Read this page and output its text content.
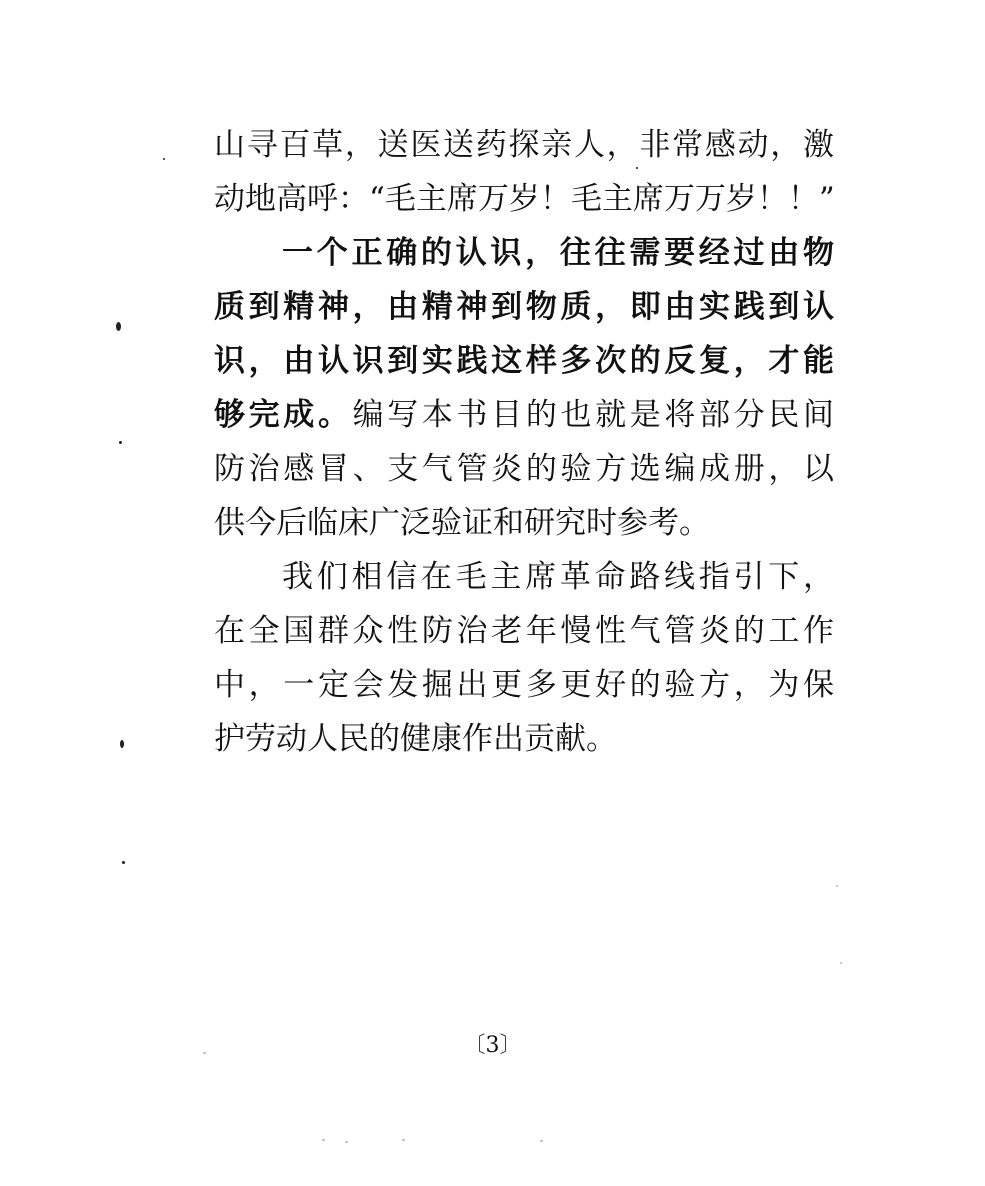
山寻百草，送医送药探亲人，非常感动，激
动地高呼：“毛主席万岁！毛主席万万岁！！”
一个正确的认识，往往需要经过由物
质到精神，由精神到物质，即由实践到认
识，由认识到实践这样多次的反复，才能
够完成。编写本书目的也就是将部分民间
防治感冒、支气管炎的验方选编成册，以
供今后临床广泛验证和研究时参考。
我们相信在毛主席革命路线指引下，
在全国群众性防治老年慢性气管炎的工作
中，一定会发掘出更多更好的验方，为保
护劳动人民的健康作出贡献。
〔3〕
